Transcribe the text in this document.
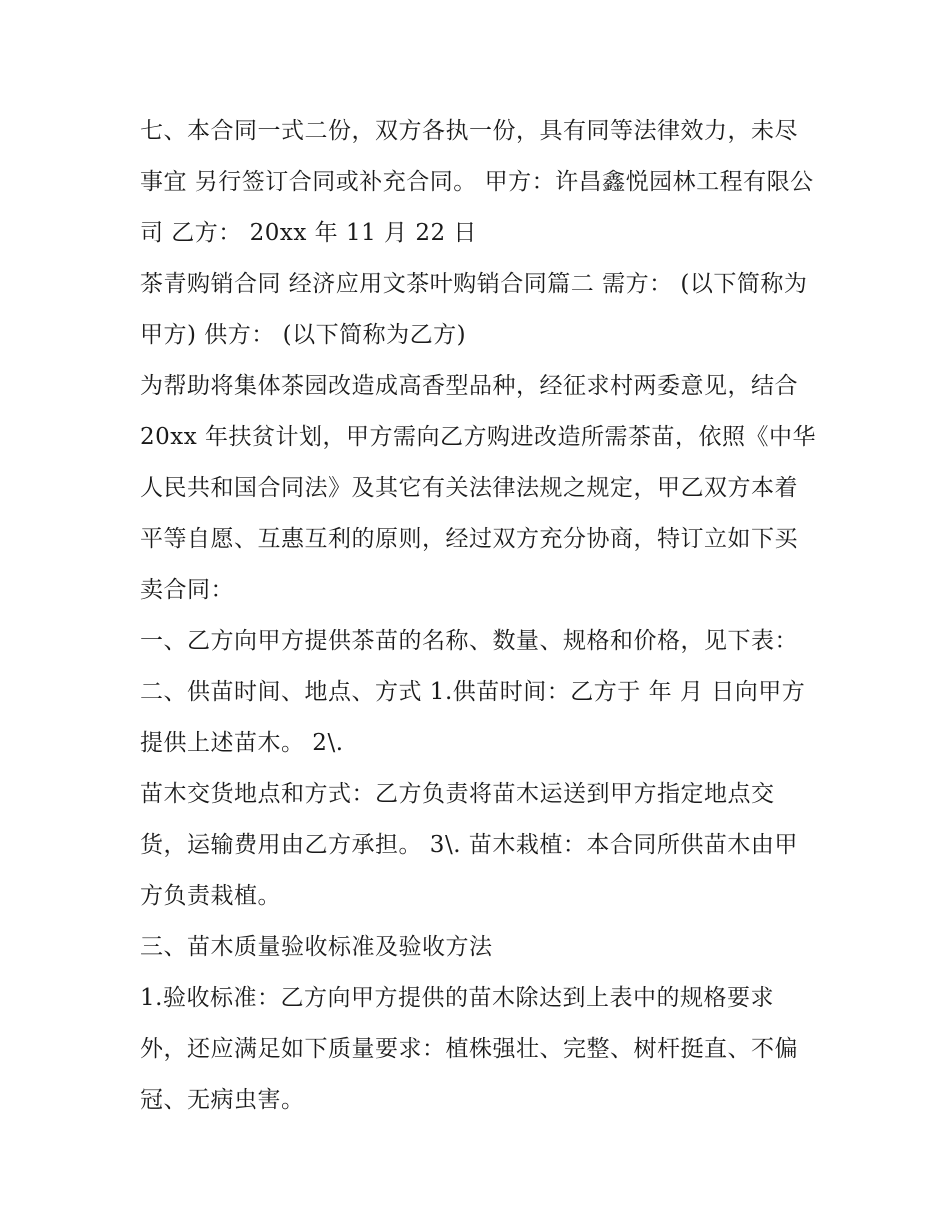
七、本合同一式二份，双方各执一份，具有同等法律效力，未尽事宜 另行签订合同或补充合同。 甲方：许昌鑫悦园林工程有限公司 乙方： 20xx 年 11 月 22 日

茶青购销合同 经济应用文茶叶购销合同篇二 需方： (以下简称为甲方) 供方： (以下简称为乙方)

为帮助将集体茶园改造成高香型品种，经征求村两委意见，结合 20xx 年扶贫计划，甲方需向乙方购进改造所需茶苗，依照《中华人民共和国合同法》及其它有关法律法规之规定，甲乙双方本着平等自愿、互惠互利的原则，经过双方充分协商，特订立如下买卖合同：

一、乙方向甲方提供茶苗的名称、数量、规格和价格，见下表： 二、供苗时间、地点、方式 1.供苗时间：乙方于 年 月 日向甲方提供上述苗木。 2\.

苗木交货地点和方式：乙方负责将苗木运送到甲方指定地点交货，运输费用由乙方承担。 3\. 苗木栽植：本合同所供苗木由甲方负责栽植。

三、苗木质量验收标准及验收方法

1.验收标准：乙方向甲方提供的苗木除达到上表中的规格要求外，还应满足如下质量要求：植株强壮、完整、树杆挺直、不偏冠、无病虫害。
